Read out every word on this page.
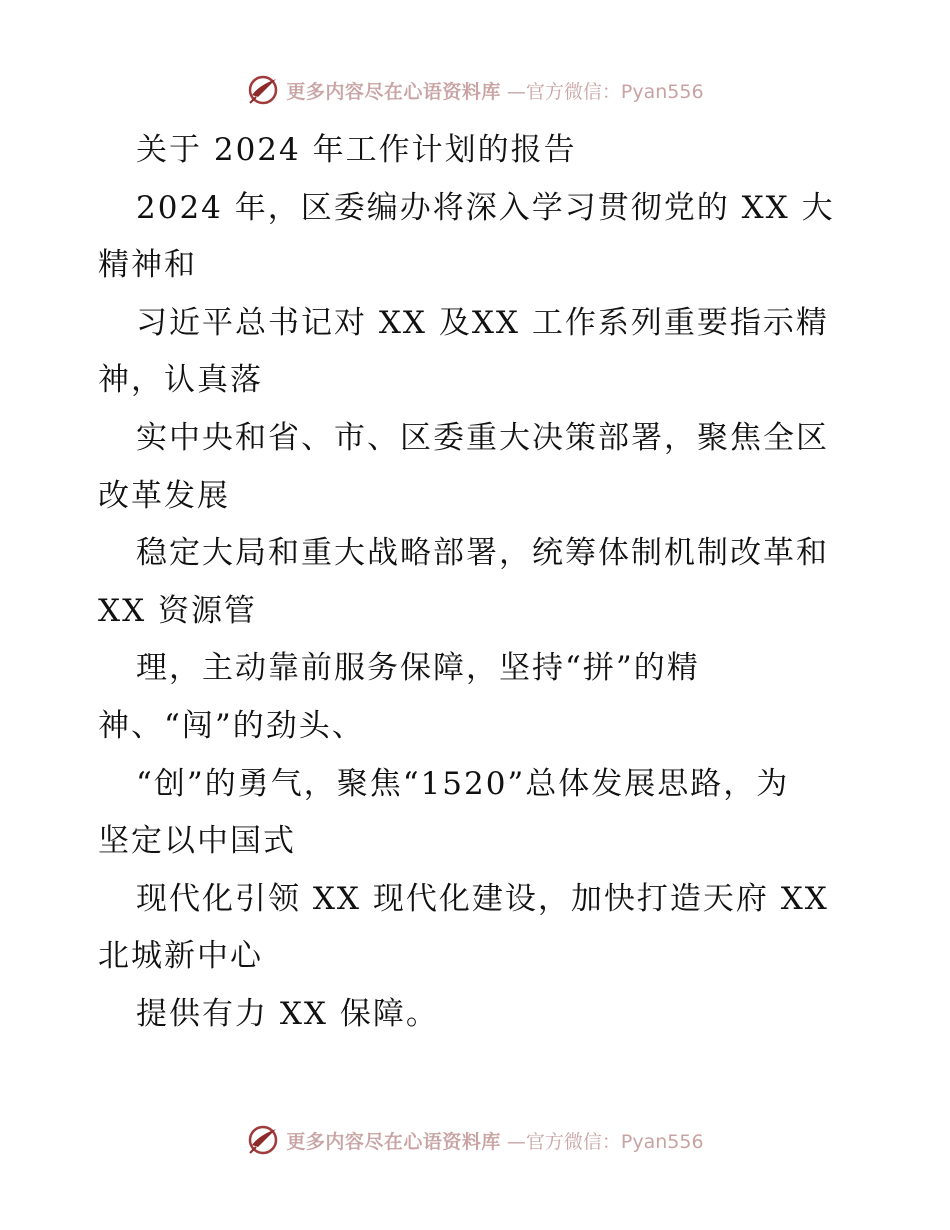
更多内容尽在心语资料库 —官方微信：Pyan556
关于 2024 年工作计划的报告
2024 年，区委编办将深入学习贯彻党的 XX 大
精神和
习近平总书记对 XX 及XX 工作系列重要指示精
神，认真落
实中央和省、市、区委重大决策部署，聚焦全区
改革发展
稳定大局和重大战略部署，统筹体制机制改革和
XX 资源管
理，主动靠前服务保障，坚持“拼”的精
神、“闯”的劲头、
“创”的勇气，聚焦“1520”总体发展思路，为
坚定以中国式
现代化引领 XX 现代化建设，加快打造天府 XX
北城新中心
提供有力 XX 保障。
更多内容尽在心语资料库 —官方微信：Pyan556
